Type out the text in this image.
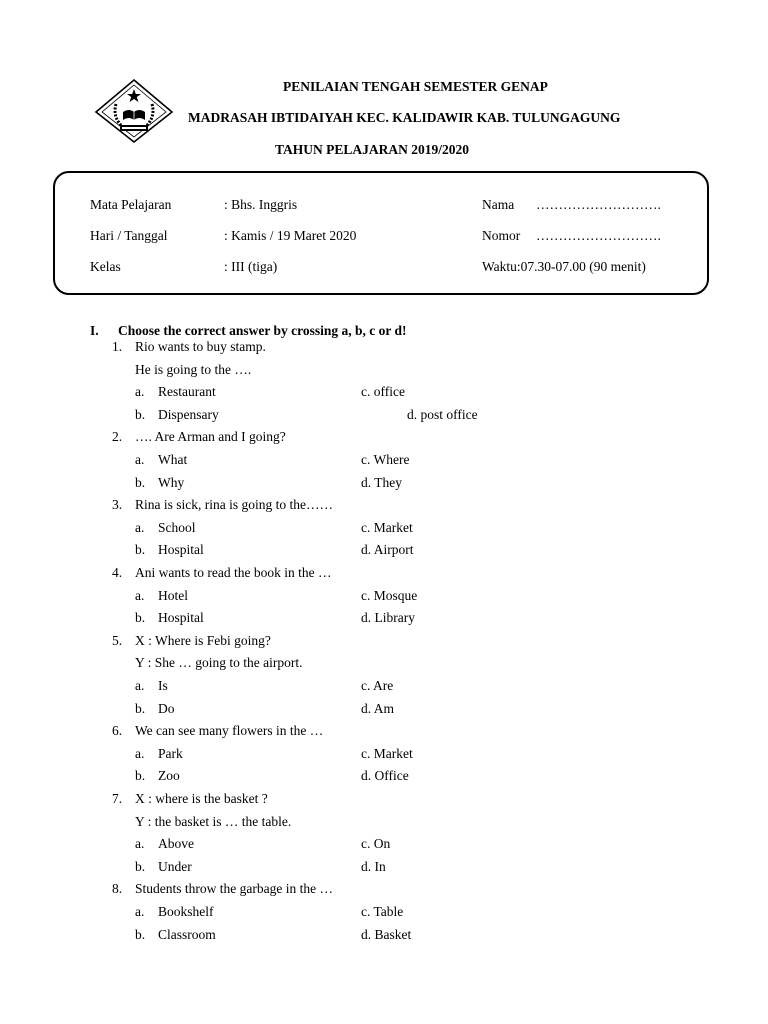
PENILAIAN TENGAH SEMESTER GENAP
MADRASAH IBTIDAIYAH KEC. KALIDAWIR KAB. TULUNGAGUNG
TAHUN PELAJARAN 2019/2020
Mata Pelajaran	: Bhs. Inggris
Hari / Tanggal	: Kamis / 19 Maret 2020
Kelas	: III (tiga)
Nama ……………………….
Nomor ……………………….
Waktu:07.30-07.00 (90 menit)
I. Choose the correct answer by crossing a, b, c or d!
1. Rio wants to buy stamp.
He is going to the ….
a. Restaurant	c. office
b. Dispensary	d. post office
2. …. Are Arman and I going?
a. What	c. Where
b. Why	d. They
3. Rina is sick, rina is going to the……
a. School	c. Market
b. Hospital	d. Airport
4. Ani wants to read the book in the …
a. Hotel	c. Mosque
b. Hospital	d. Library
5. X : Where is Febi going?
Y : She … going to the airport.
a. Is	c. Are
b. Do	d. Am
6. We can see many flowers in the …
a. Park	c. Market
b. Zoo	d. Office
7. X : where is the basket ?
Y : the basket is … the table.
a. Above	c. On
b. Under	d. In
8. Students throw the garbage in the …
a. Bookshelf	c. Table
b. Classroom	d. Basket
